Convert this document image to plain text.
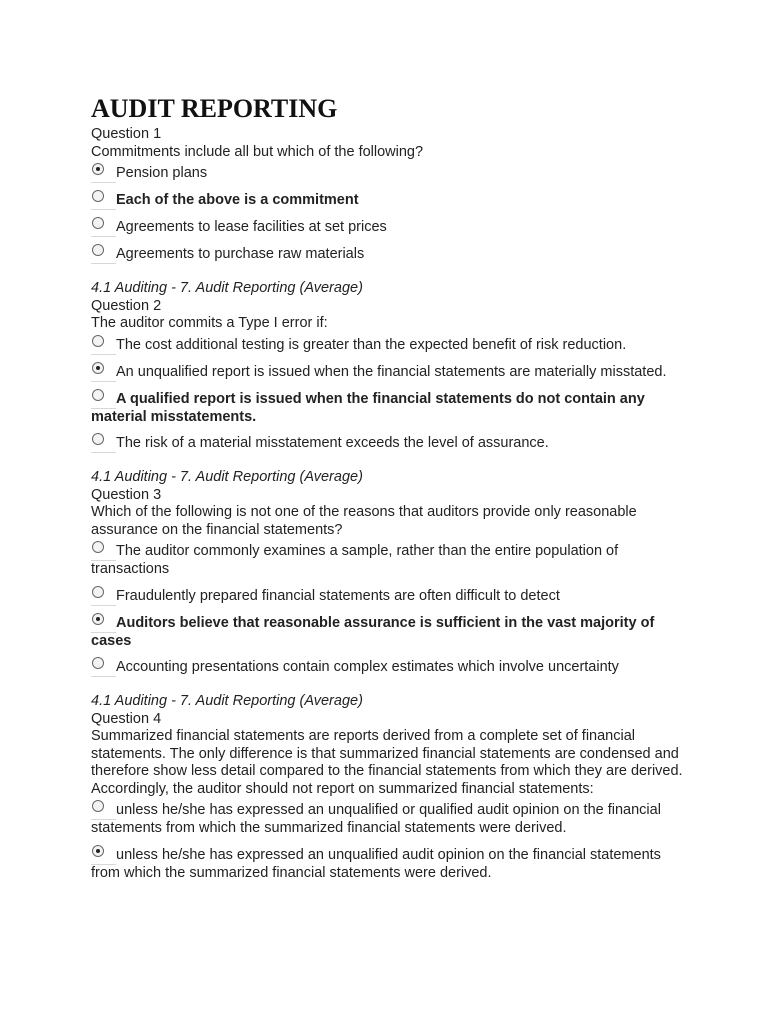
AUDIT REPORTING
Question 1
Commitments include all but which of the following?
Pension plans
Each of the above is a commitment
Agreements to lease facilities at set prices
Agreements to purchase raw materials
4.1 Auditing - 7. Audit Reporting (Average)
Question 2
The auditor commits a Type I error if:
The cost additional testing is greater than the expected benefit of risk reduction.
An unqualified report is issued when the financial statements are materially misstated.
A qualified report is issued when the financial statements do not contain any material misstatements.
The risk of a material misstatement exceeds the level of assurance.
4.1 Auditing - 7. Audit Reporting (Average)
Question 3
Which of the following is not one of the reasons that auditors provide only reasonable assurance on the financial statements?
The auditor commonly examines a sample, rather than the entire population of transactions
Fraudulently prepared financial statements are often difficult to detect
Auditors believe that reasonable assurance is sufficient in the vast majority of cases
Accounting presentations contain complex estimates which involve uncertainty
4.1 Auditing - 7. Audit Reporting (Average)
Question 4
Summarized financial statements are reports derived from a complete set of financial statements. The only difference is that summarized financial statements are condensed and therefore show less detail compared to the financial statements from which they are derived. Accordingly, the auditor should not report on summarized financial statements:
unless he/she has expressed an unqualified or qualified audit opinion on the financial statements from which the summarized financial statements were derived.
unless he/she has expressed an unqualified audit opinion on the financial statements from which the summarized financial statements were derived.
